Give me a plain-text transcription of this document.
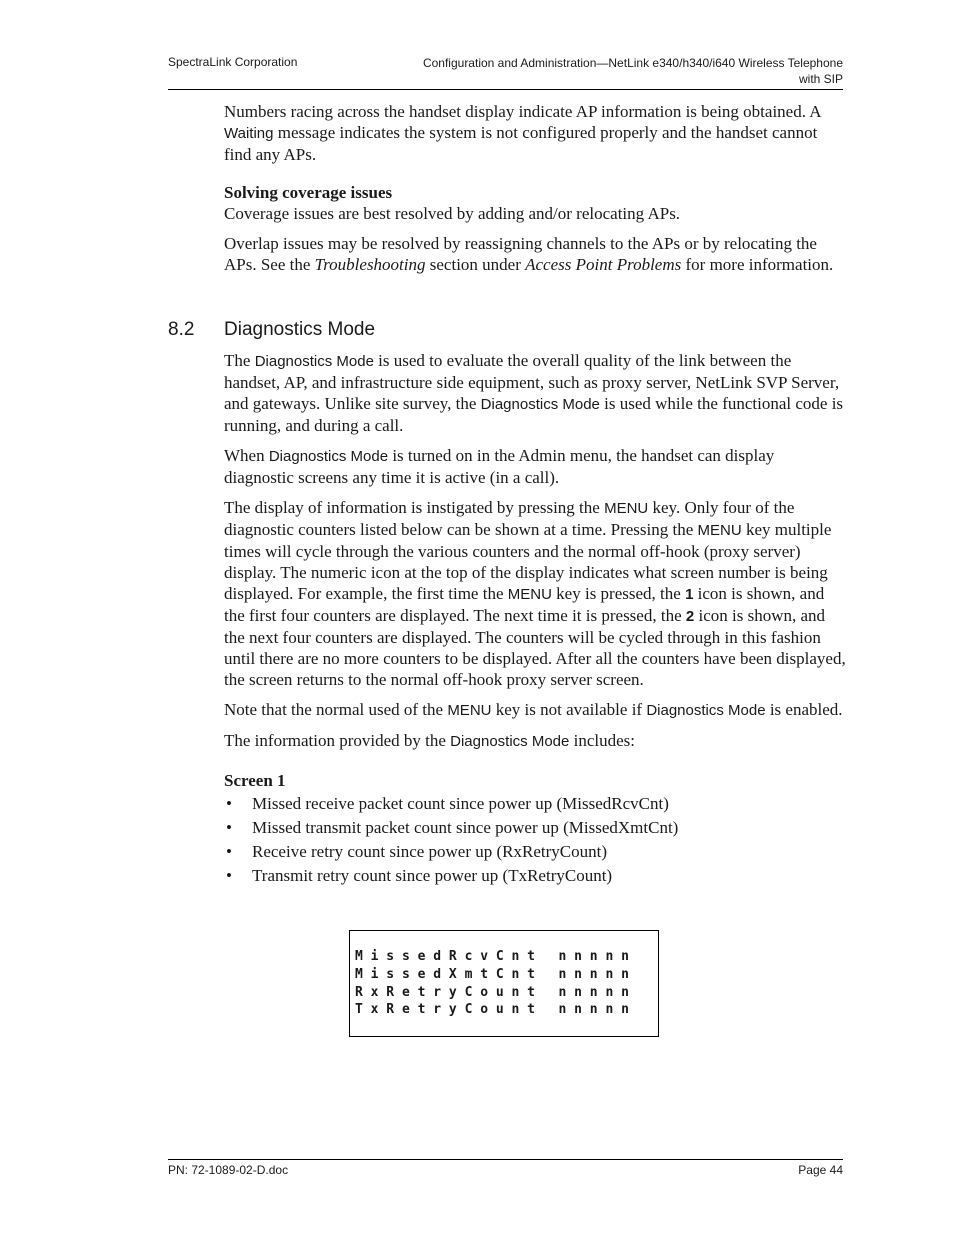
SpectraLink Corporation	Configuration and Administration—NetLink e340/h340/i640 Wireless Telephone
with SIP

Numbers racing across the handset display indicate AP information is being obtained. A Waiting message indicates the system is not configured properly and the handset cannot find any APs.

Solving coverage issues

Coverage issues are best resolved by adding and/or relocating APs.

Overlap issues may be resolved by reassigning channels to the APs or by relocating the APs. See the Troubleshooting section under Access Point Problems for more information.

8.2 Diagnostics Mode

The Diagnostics Mode is used to evaluate the overall quality of the link between the handset, AP, and infrastructure side equipment, such as proxy server, NetLink SVP Server, and gateways. Unlike site survey, the Diagnostics Mode is used while the functional code is running, and during a call.

When Diagnostics Mode is turned on in the Admin menu, the handset can display diagnostic screens any time it is active (in a call).

The display of information is instigated by pressing the MENU key. Only four of the diagnostic counters listed below can be shown at a time. Pressing the MENU key multiple times will cycle through the various counters and the normal off-hook (proxy server) display. The numeric icon at the top of the display indicates what screen number is being displayed. For example, the first time the MENU key is pressed, the 1 icon is shown, and the first four counters are displayed. The next time it is pressed, the 2 icon is shown, and the next four counters are displayed. The counters will be cycled through in this fashion until there are no more counters to be displayed. After all the counters have been displayed, the screen returns to the normal off-hook proxy server screen.

Note that the normal used of the MENU key is not available if Diagnostics Mode is enabled.

The information provided by the Diagnostics Mode includes:

Screen 1

• Missed receive packet count since power up (MissedRcvCnt)
• Missed transmit packet count since power up (MissedXmtCnt)
• Receive retry count since power up (RxRetryCount)
• Transmit retry count since power up (TxRetryCount)
M i s s e d R c v C n t   n n n n n
M i s s e d X m t C n t   n n n n n
R x R e t r y C o u n t   n n n n n
T x R e t r y C o u n t   n n n n n
PN: 72-1089-02-D.doc	Page 44
